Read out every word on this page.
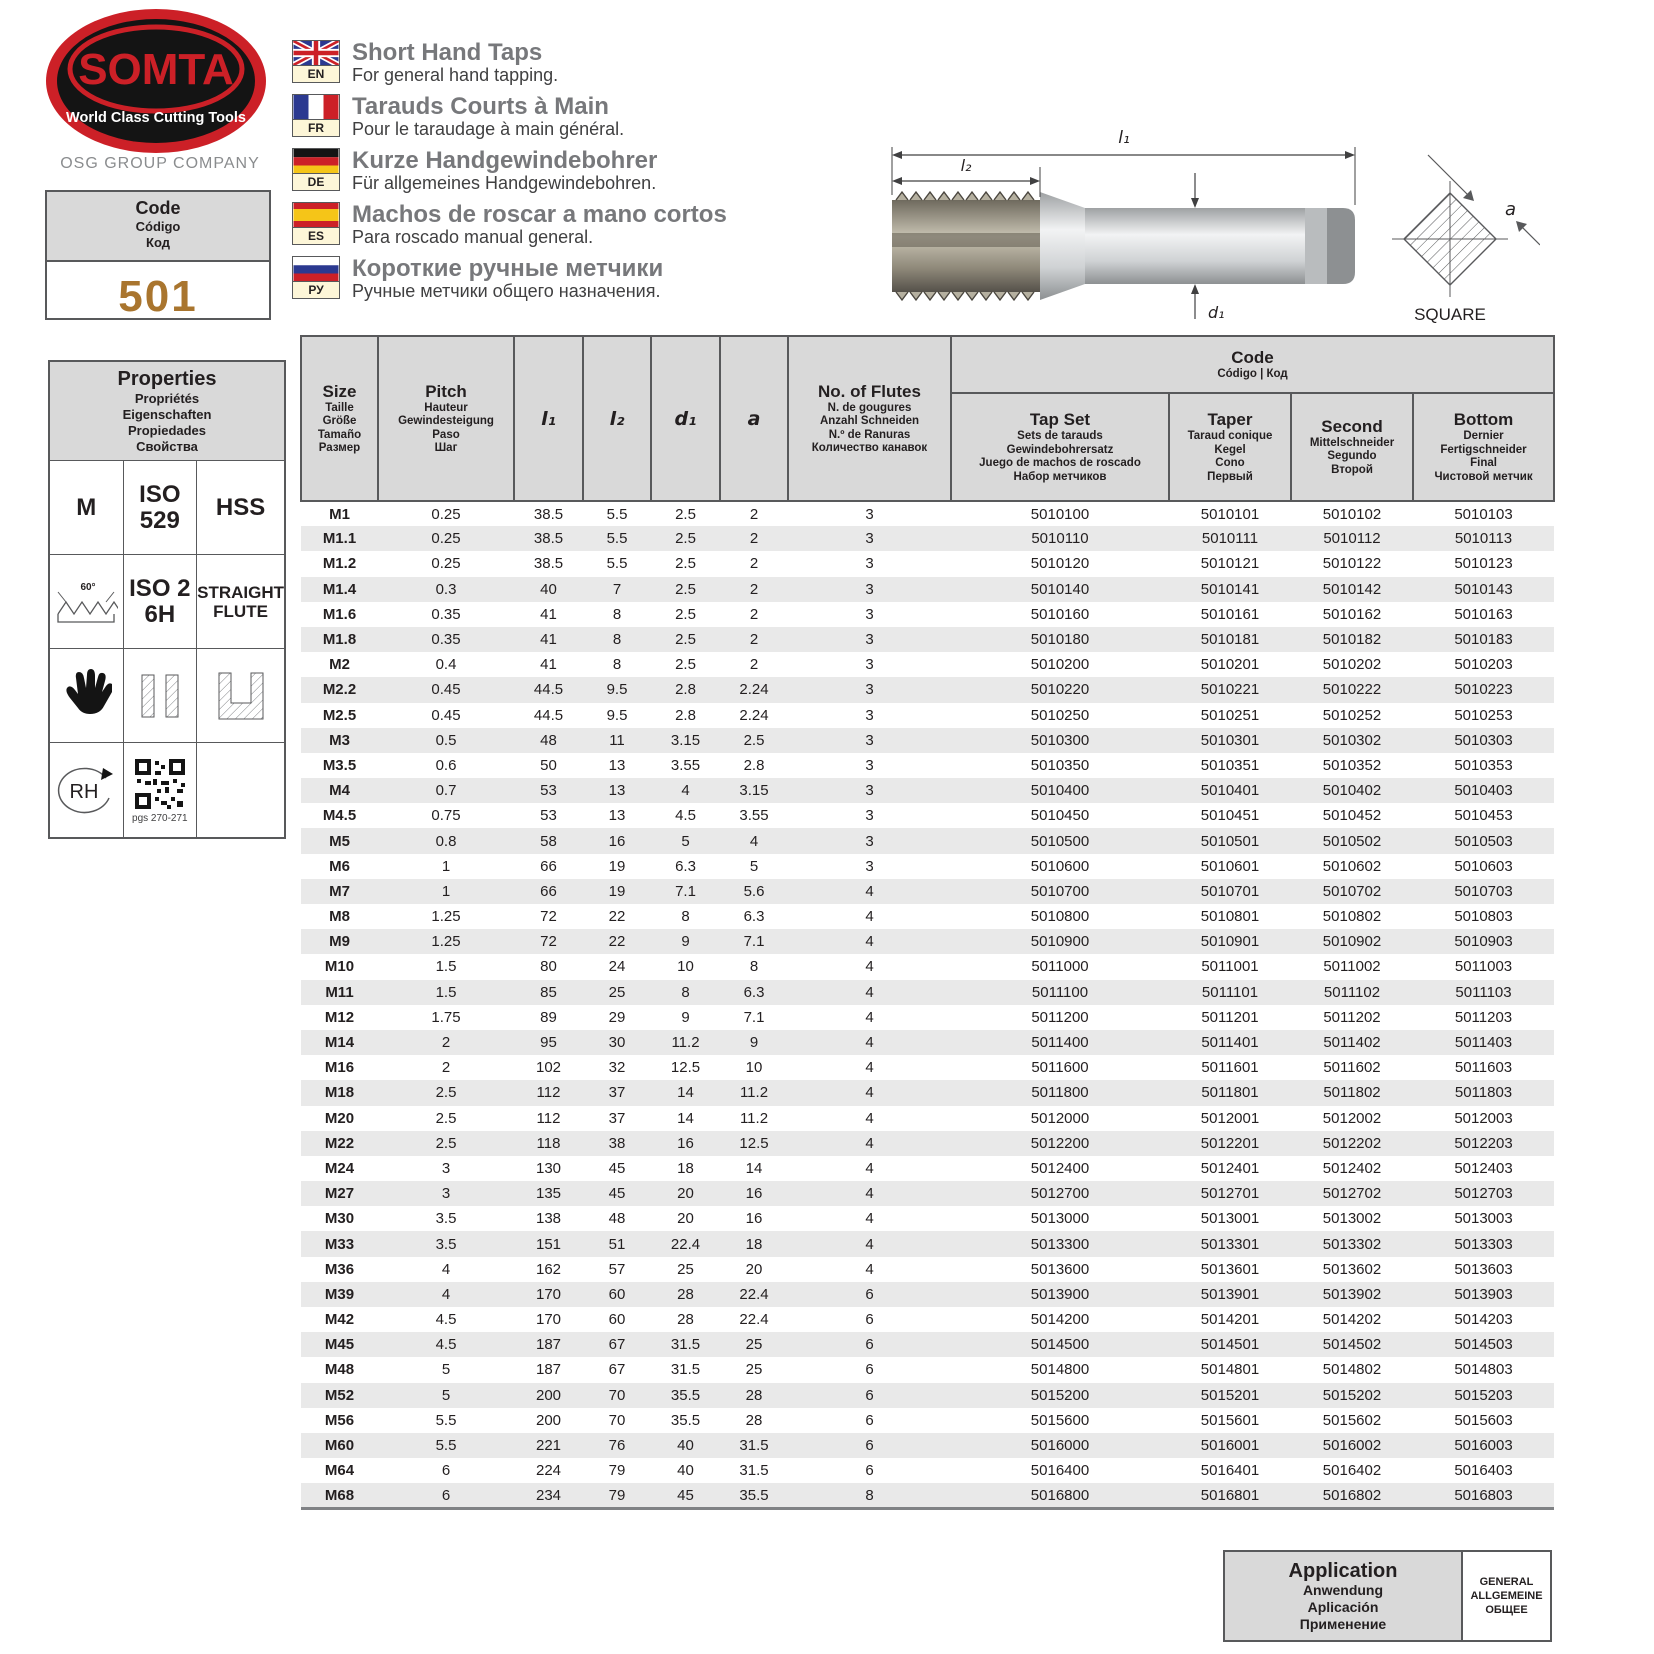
SOMTA
World Class Cutting Tools
OSG GROUP COMPANY
Code
Código
Код
501
EN
Short Hand Taps
For general hand tapping.
FR
Tarauds Courts à Main
Pour le taraudage à main général.
DE
Kurze Handgewindebohrer
Für allgemeines Handgewindebohren.
ES
Machos de roscar a mano cortos
Para roscado manual general.
РУ
Короткие ручные метчики
Ручные метчики общего назначения.
l₁
l₂
d₁
a
SQUARE
Properties
Propriétés
Eigenschaften
Propiedades
Свойства
M ISO
529 HSS
60° ISO 2
6H
STRAIGHT
FLUTE
RH
pgs 270-271
Size
Taille
Größe
Tamaño
Размер

Pitch
Hauteur
Gewindesteigung
Paso
Шаг
	l₁	l₂	d₁	a	
No. of Flutes
N. de gougures
Anzahl Schneiden
N.º de Ranuras
Количество канавок

Code
Código | Код

Tap Set
Sets de tarauds
Gewindebohrersatz
Juego de machos de roscado
Набор метчиков

Taper
Taraud conique
Kegel
Cono
Первый

Second
Mittelschneider
Segundo
Второй

Bottom
Dernier
Fertigschneider
Final
Чистовой метчик

M1	0.25	38.5	5.5	2.5	2	3	5010100	5010101	5010102	5010103
M1.1	0.25	38.5	5.5	2.5	2	3	5010110	5010111	5010112	5010113
M1.2	0.25	38.5	5.5	2.5	2	3	5010120	5010121	5010122	5010123
M1.4	0.3	40	7	2.5	2	3	5010140	5010141	5010142	5010143
M1.6	0.35	41	8	2.5	2	3	5010160	5010161	5010162	5010163
M1.8	0.35	41	8	2.5	2	3	5010180	5010181	5010182	5010183
M2	0.4	41	8	2.5	2	3	5010200	5010201	5010202	5010203
M2.2	0.45	44.5	9.5	2.8	2.24	3	5010220	5010221	5010222	5010223
M2.5	0.45	44.5	9.5	2.8	2.24	3	5010250	5010251	5010252	5010253
M3	0.5	48	11	3.15	2.5	3	5010300	5010301	5010302	5010303
M3.5	0.6	50	13	3.55	2.8	3	5010350	5010351	5010352	5010353
M4	0.7	53	13	4	3.15	3	5010400	5010401	5010402	5010403
M4.5	0.75	53	13	4.5	3.55	3	5010450	5010451	5010452	5010453
M5	0.8	58	16	5	4	3	5010500	5010501	5010502	5010503
M6	1	66	19	6.3	5	3	5010600	5010601	5010602	5010603
M7	1	66	19	7.1	5.6	4	5010700	5010701	5010702	5010703
M8	1.25	72	22	8	6.3	4	5010800	5010801	5010802	5010803
M9	1.25	72	22	9	7.1	4	5010900	5010901	5010902	5010903
M10	1.5	80	24	10	8	4	5011000	5011001	5011002	5011003
M11	1.5	85	25	8	6.3	4	5011100	5011101	5011102	5011103
M12	1.75	89	29	9	7.1	4	5011200	5011201	5011202	5011203
M14	2	95	30	11.2	9	4	5011400	5011401	5011402	5011403
M16	2	102	32	12.5	10	4	5011600	5011601	5011602	5011603
M18	2.5	112	37	14	11.2	4	5011800	5011801	5011802	5011803
M20	2.5	112	37	14	11.2	4	5012000	5012001	5012002	5012003
M22	2.5	118	38	16	12.5	4	5012200	5012201	5012202	5012203
M24	3	130	45	18	14	4	5012400	5012401	5012402	5012403
M27	3	135	45	20	16	4	5012700	5012701	5012702	5012703
M30	3.5	138	48	20	16	4	5013000	5013001	5013002	5013003
M33	3.5	151	51	22.4	18	4	5013300	5013301	5013302	5013303
M36	4	162	57	25	20	4	5013600	5013601	5013602	5013603
M39	4	170	60	28	22.4	6	5013900	5013901	5013902	5013903
M42	4.5	170	60	28	22.4	6	5014200	5014201	5014202	5014203
M45	4.5	187	67	31.5	25	6	5014500	5014501	5014502	5014503
M48	5	187	67	31.5	25	6	5014800	5014801	5014802	5014803
M52	5	200	70	35.5	28	6	5015200	5015201	5015202	5015203
M56	5.5	200	70	35.5	28	6	5015600	5015601	5015602	5015603
M60	5.5	221	76	40	31.5	6	5016000	5016001	5016002	5016003
M64	6	224	79	40	31.5	6	5016400	5016401	5016402	5016403
M68	6	234	79	45	35.5	8	5016800	5016801	5016802	5016803
Application
Anwendung
Aplicación
Применение
GENERAL
ALLGEMEINE
ОБЩЕЕ
